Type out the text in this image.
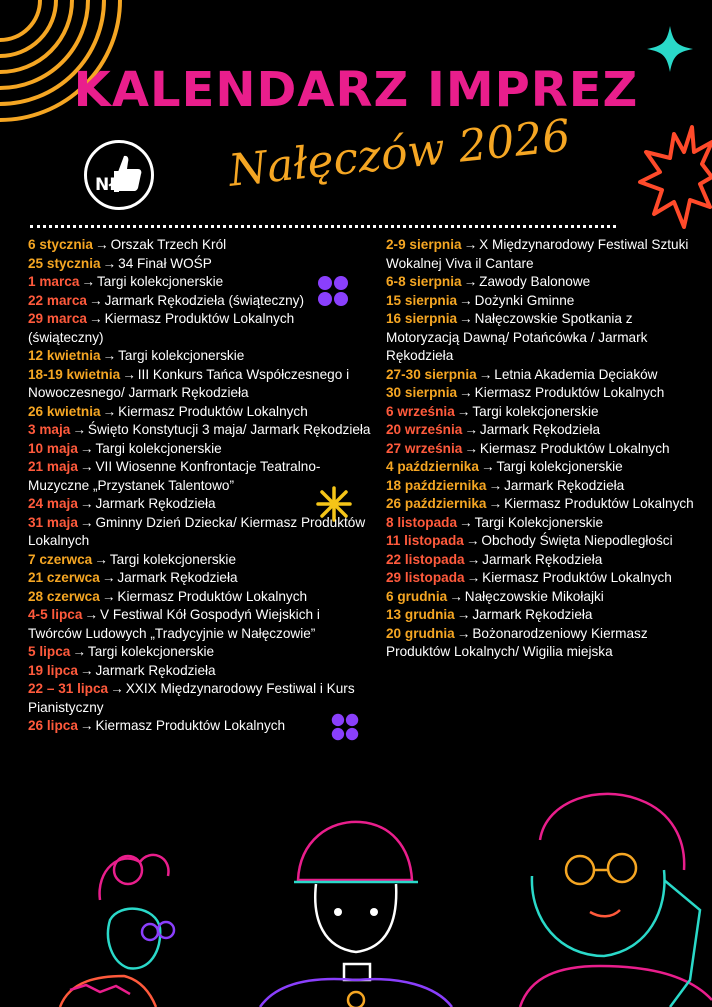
KALENDARZ IMPREZ
Nałęczów 2026
NŁ

6 stycznia → Orszak Trzech Król

25 stycznia → 34 Finał WOŚP

1 marca → Targi kolekcjonerskie

22 marca → Jarmark Rękodzieła (świąteczny)

29 marca → Kiermasz Produktów Lokalnych (świąteczny)

12 kwietnia → Targi kolekcjonerskie

18-19 kwietnia → III Konkurs Tańca Współczesnego i Nowoczesnego/ Jarmark Rękodzieła

26 kwietnia → Kiermasz Produktów Lokalnych

3 maja → Święto Konstytucji 3 maja/ Jarmark Rękodzieła

10 maja → Targi kolekcjonerskie

21 maja → VII Wiosenne Konfrontacje Teatralno-Muzyczne „Przystanek Talentowo”

24 maja → Jarmark Rękodzieła

31 maja → Gminny Dzień Dziecka/ Kiermasz Produktów Lokalnych

7 czerwca → Targi kolekcjonerskie

21 czerwca → Jarmark Rękodzieła

28 czerwca → Kiermasz Produktów Lokalnych

4-5 lipca → V Festiwal Kół Gospodyń Wiejskich i Twórców Ludowych „Tradycyjnie w Nałęczowie”

5 lipca → Targi kolekcjonerskie

19 lipca → Jarmark Rękodzieła

22 – 31 lipca → XXIX Międzynarodowy Festiwal i Kurs Pianistyczny

26 lipca → Kiermasz Produktów Lokalnych

2-9 sierpnia → X Międzynarodowy Festiwal Sztuki Wokalnej Viva il Cantare

6-8 sierpnia → Zawody Balonowe

15 sierpnia → Dożynki Gminne

16 sierpnia → Nałęczowskie Spotkania z Motoryzacją Dawną/ Potańcówka / Jarmark Rękodzieła

27-30 sierpnia → Letnia Akademia Dęciaków

30 sierpnia → Kiermasz Produktów Lokalnych

6 września → Targi kolekcjonerskie

20 września → Jarmark Rękodzieła

27 września → Kiermasz Produktów Lokalnych

4 października → Targi kolekcjonerskie

18 października → Jarmark Rękodzieła

26 października → Kiermasz Produktów Lokalnych

8 listopada → Targi Kolekcjonerskie

11 listopada → Obchody Święta Niepodległości

22 listopada → Jarmark Rękodzieła

29 listopada → Kiermasz Produktów Lokalnych

6 grudnia → Nałęczowskie Mikołajki

13 grudnia → Jarmark Rękodzieła

20 grudnia → Bożonarodzeniowy Kiermasz Produktów Lokalnych/ Wigilia miejska
